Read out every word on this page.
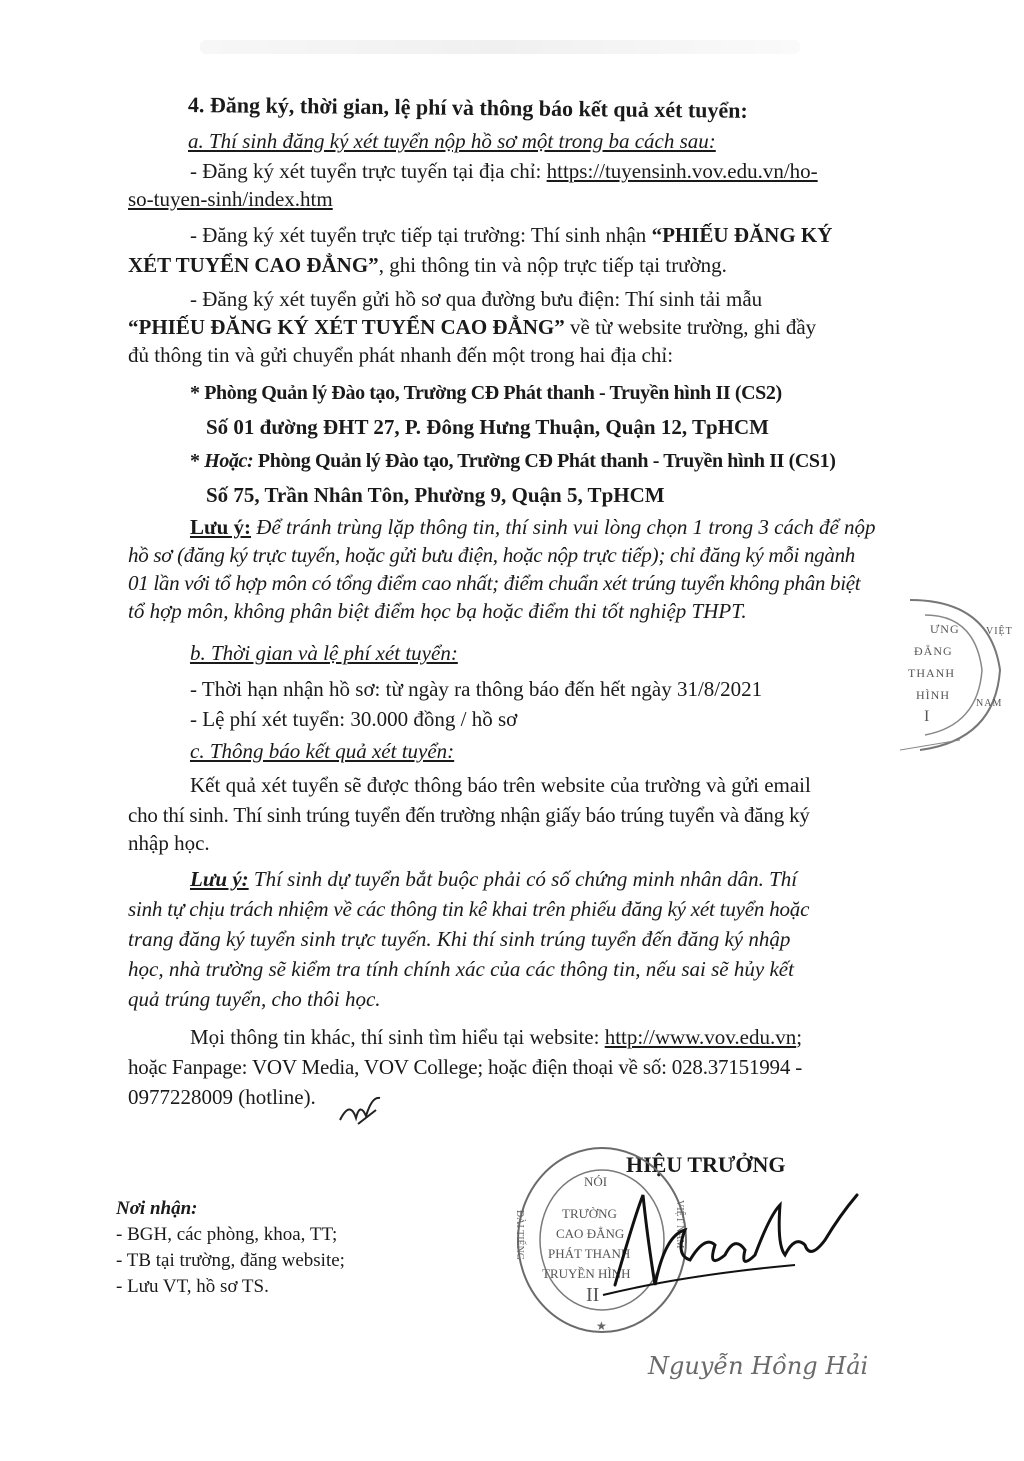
4. Đăng ký, thời gian, lệ phí và thông báo kết quả xét tuyển:
a. Thí sinh đăng ký xét tuyển nộp hồ sơ một trong ba cách sau:
- Đăng ký xét tuyển trực tuyến tại địa chỉ: https://tuyensinh.vov.edu.vn/ho-
so-tuyen-sinh/index.htm
- Đăng ký xét tuyển trực tiếp tại trường: Thí sinh nhận “PHIẾU ĐĂNG KÝ
XÉT TUYỂN CAO ĐẲNG”, ghi thông tin và nộp trực tiếp tại trường.
- Đăng ký xét tuyển gửi hồ sơ qua đường bưu điện: Thí sinh tải mẫu
“PHIẾU ĐĂNG KÝ XÉT TUYỂN CAO ĐẲNG” về từ website trường, ghi đầy
đủ thông tin và gửi chuyển phát nhanh đến một trong hai địa chỉ:
* Phòng Quản lý Đào tạo, Trường CĐ Phát thanh - Truyền hình II (CS2)
Số 01 đường ĐHT 27, P. Đông Hưng Thuận, Quận 12, TpHCM
* Hoặc: Phòng Quản lý Đào tạo, Trường CĐ Phát thanh - Truyền hình II (CS1)
Số 75, Trần Nhân Tôn, Phường 9, Quận 5, TpHCM
Lưu ý: Để tránh trùng lặp thông tin, thí sinh vui lòng chọn 1 trong 3 cách để nộp
hồ sơ (đăng ký trực tuyến, hoặc gửi bưu điện, hoặc nộp trực tiếp); chỉ đăng ký mỗi ngành
01 lần với tổ hợp môn có tổng điểm cao nhất; điểm chuẩn xét trúng tuyển không phân biệt
tổ hợp môn, không phân biệt điểm học bạ hoặc điểm thi tốt nghiệp THPT.
b. Thời gian và lệ phí xét tuyển:
- Thời hạn nhận hồ sơ: từ ngày ra thông báo đến hết ngày 31/8/2021
- Lệ phí xét tuyển: 30.000 đồng / hồ sơ
c. Thông báo kết quả xét tuyển:
Kết quả xét tuyển sẽ được thông báo trên website của trường và gửi email
cho thí sinh. Thí sinh trúng tuyển đến trường nhận giấy báo trúng tuyển và đăng ký
nhập học.
Lưu ý: Thí sinh dự tuyển bắt buộc phải có số chứng minh nhân dân. Thí
sinh tự chịu trách nhiệm về các thông tin kê khai trên phiếu đăng ký xét tuyển hoặc
trang đăng ký tuyển sinh trực tuyến. Khi thí sinh trúng tuyển đến đăng ký nhập
học, nhà trường sẽ kiểm tra tính chính xác của các thông tin, nếu sai sẽ hủy kết
quả trúng tuyển, cho thôi học.
Mọi thông tin khác, thí sinh tìm hiểu tại website: http://www.vov.edu.vn;
hoặc Fanpage: VOV Media, VOV College; hoặc điện thoại về số: 028.37151994 -
0977228009 (hotline).
ƯNG
ĐẲNG
THANH
HÌNH
I
VIỆT
NAM
Nơi nhận:
- BGH, các phòng, khoa, TT;
- TB tại trường, đăng website;
- Lưu VT, hồ sơ TS.
HIỆU TRƯỞNG
★
NÓI
TRƯỜNG
CAO ĐẲNG
PHÁT THANH
TRUYỀN HÌNH
II
ĐÀI TIẾNG	VIỆT NAM
Nguyễn Hồng Hải
